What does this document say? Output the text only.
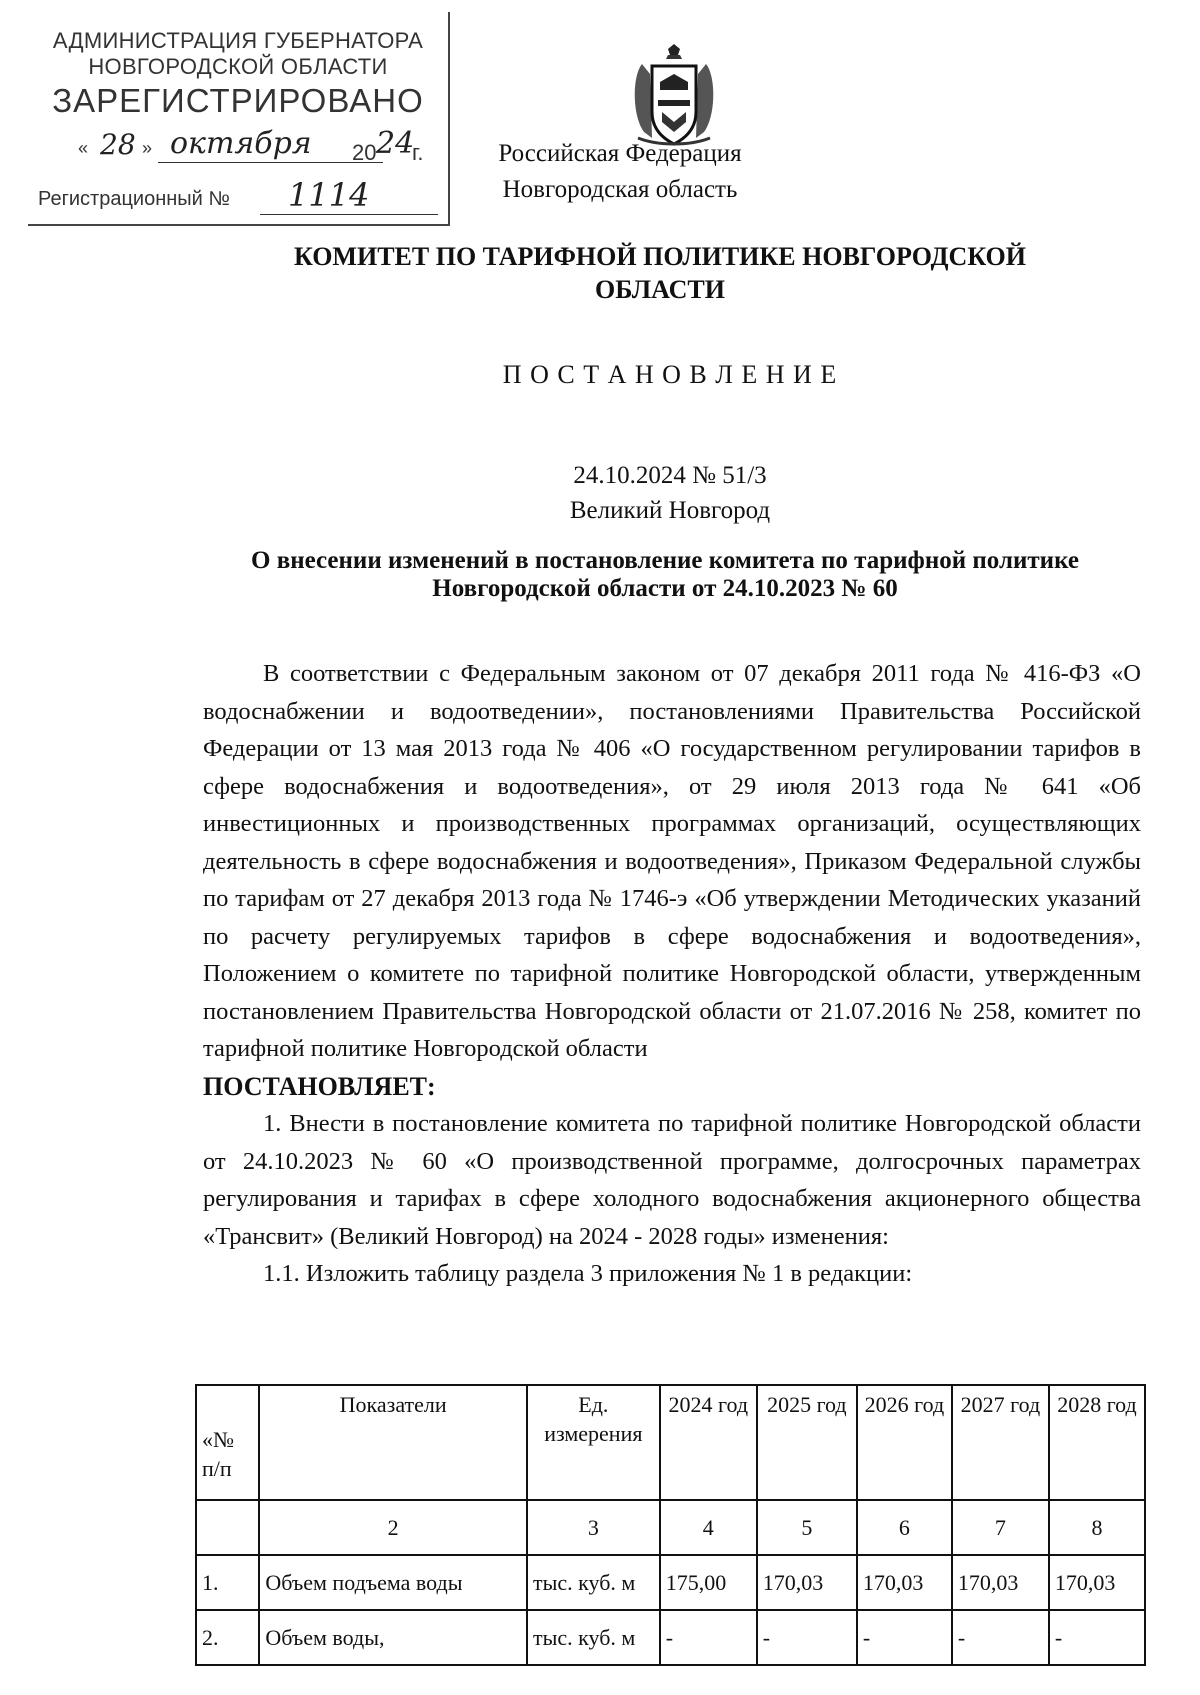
АДМИНИСТРАЦИЯ ГУБЕРНАТОРА
НОВГОРОДСКОЙ ОБЛАСТИ
ЗАРЕГИСТРИРОВАНО
« 28 » октября 20 24
г.
Регистрационный № 1114
Российская Федерация
Новгородская область
КОМИТЕТ ПО ТАРИФНОЙ ПОЛИТИКЕ НОВГОРОДСКОЙ
ОБЛАСТИ
П О С Т А Н О В Л Е Н И Е
24.10.2024 № 51/3
Великий Новгород
О внесении изменений в постановление комитета по тарифной политике
Новгородской области от 24.10.2023 № 60

В соответствии с Федеральным законом от 07 декабря 2011 года № 416-ФЗ «О водоснабжении и водоотведении», постановлениями Правительства Российской Федерации от 13 мая 2013 года № 406 «О государственном регулировании тарифов в сфере водоснабжения и водоотведения», от 29 июля 2013 года № 641 «Об инвестиционных и производственных программах организаций, осуществляющих деятельность в сфере водоснабжения и водоотведения», Приказом Федеральной службы по тарифам от 27 декабря 2013 года № 1746-э «Об утверждении Методических указаний по расчету регулируемых тарифов в сфере водоснабжения и водоотведения», Положением о комитете по тарифной политике Новгородской области, утвержденным постановлением Правительства Новгородской области от 21.07.2016 № 258, комитет по тарифной политике Новгородской области

ПОСТАНОВЛЯЕТ:

1. Внести в постановление комитета по тарифной политике Новгородской области от 24.10.2023 № 60 «О производственной программе, долгосрочных параметрах регулирования и тарифах в сфере холодного водоснабжения акционерного общества «Трансвит» (Великий Новгород) на 2024 - 2028 годы» изменения:

1.1. Изложить таблицу раздела 3 приложения № 1 в редакции:

«№ п/п	Показатели	Ед. измерения	2024 год	2025 год	2026 год	2027 год	2028 год
	2	3	4	5	6	7	8
1.	Объем подъема воды	тыс. куб. м	175,00	170,03	170,03	170,03	170,03
2.	Объем воды,	тыс. куб. м	-	-	-	-	-
